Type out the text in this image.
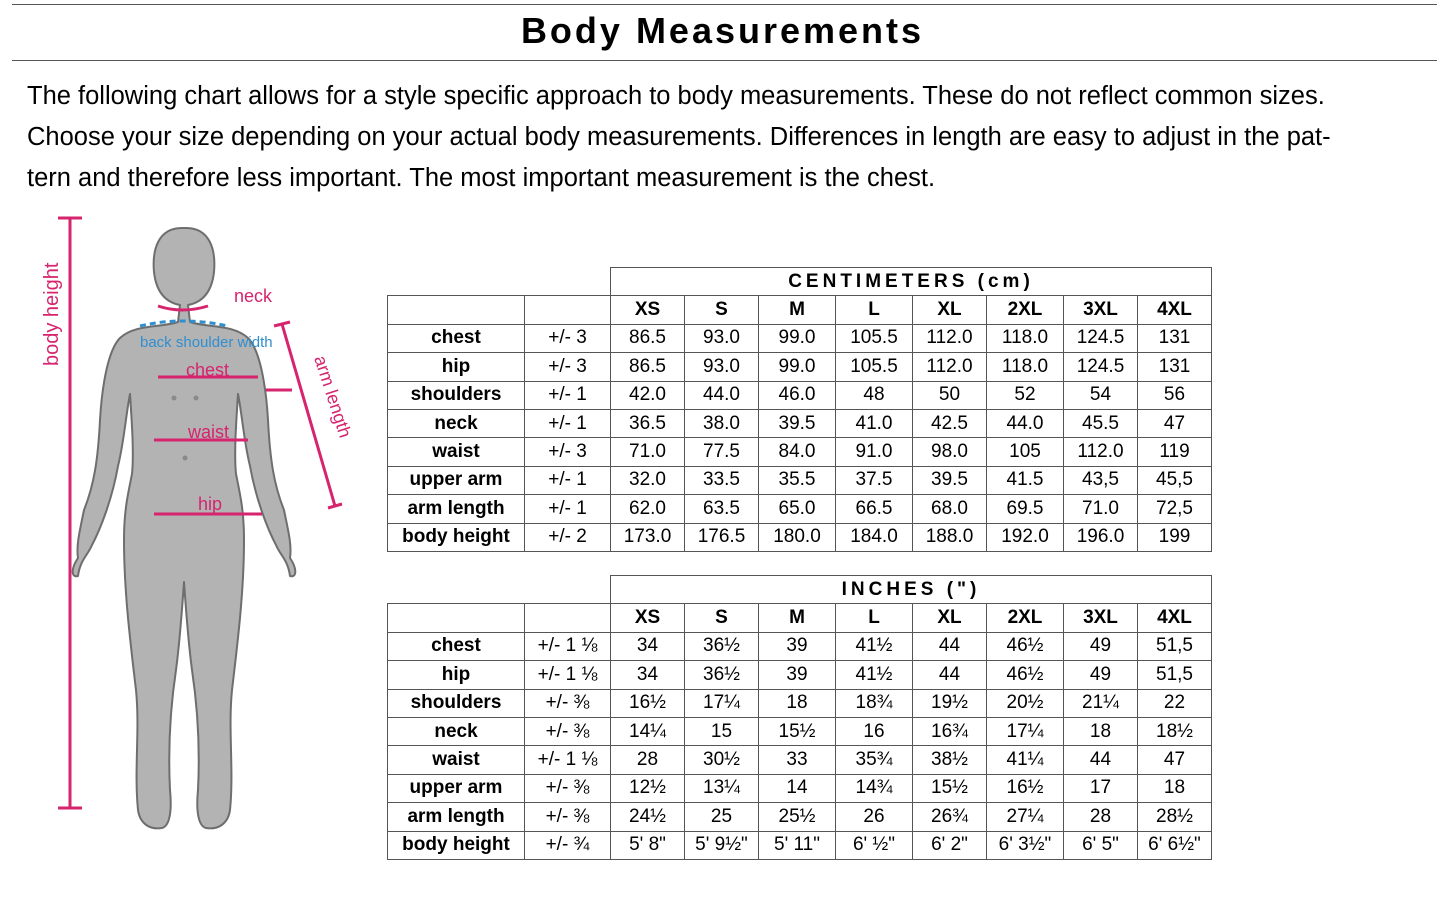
Body Measurements

The following chart allows for a style specific approach to body measurements. These do not reflect common sizes.

Choose your size depending on your actual body measurements. Differences in length are easy to adjust in the pat-

tern and therefore less important. The most important measurement is the chest.

body height	neck
back shoulder width
chest	arm length
waist
hip
		CENTIMETERS (cm)							
		XS	S	M	L	XL	2XL	3XL	4XL
chest	+/- 3	86.5	93.0	99.0	105.5	112.0	118.0	124.5	131
hip	+/- 3	86.5	93.0	99.0	105.5	112.0	118.0	124.5	131
shoulders	+/- 1	42.0	44.0	46.0	48	50	52	54	56
neck	+/- 1	36.5	38.0	39.5	41.0	42.5	44.0	45.5	47
waist	+/- 3	71.0	77.5	84.0	91.0	98.0	105	112.0	119
upper arm	+/- 1	32.0	33.5	35.5	37.5	39.5	41.5	43,5	45,5
arm length	+/- 1	62.0	63.5	65.0	66.5	68.0	69.5	71.0	72,5
body height	+/- 2	173.0	176.5	180.0	184.0	188.0	192.0	196.0	199
		INCHES (")							
		XS	S	M	L	XL	2XL	3XL	4XL
chest	+/- 1 ⅛	34	36½	39	41½	44	46½	49	51,5
hip	+/- 1 ⅛	34	36½	39	41½	44	46½	49	51,5
shoulders	+/- ⅜	16½	17¼	18	18¾	19½	20½	21¼	22
neck	+/- ⅜	14¼	15	15½	16	16¾	17¼	18	18½
waist	+/- 1 ⅛	28	30½	33	35¾	38½	41¼	44	47
upper arm	+/- ⅜	12½	13¼	14	14¾	15½	16½	17	18
arm length	+/- ⅜	24½	25	25½	26	26¾	27¼	28	28½
body height	+/- ¾	5' 8"	5' 9½"	5' 11"	6' ½"	6' 2"	6' 3½"	6' 5"	6' 6½"
